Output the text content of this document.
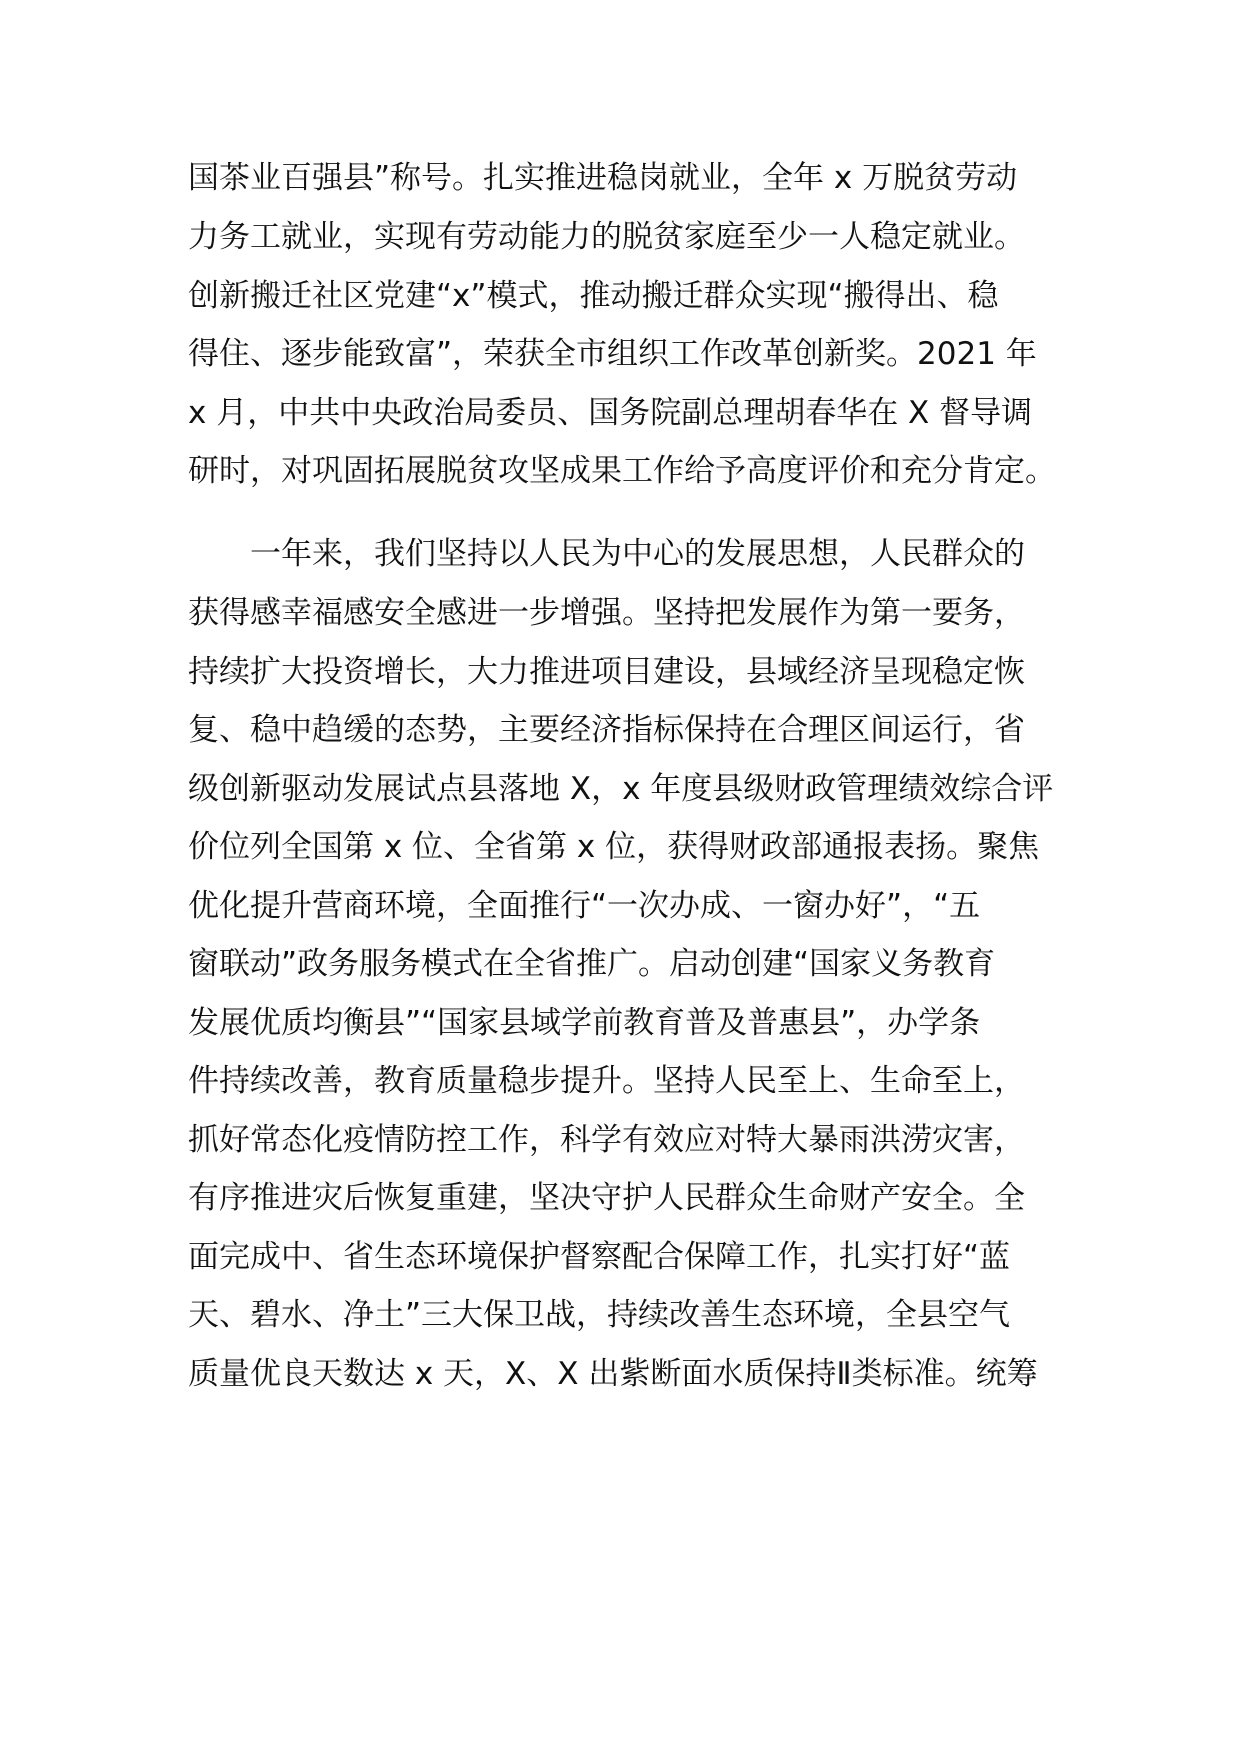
国茶业百强县”称号。扎实推进稳岗就业，全年 x 万脱贫劳动
力务工就业，实现有劳动能力的脱贫家庭至少一人稳定就业。
创新搬迁社区党建“x”模式，推动搬迁群众实现“搬得出、稳
得住、逐步能致富”，荣获全市组织工作改革创新奖。2021 年
x 月，中共中央政治局委员、国务院副总理胡春华在 X 督导调
研时，对巩固拓展脱贫攻坚成果工作给予高度评价和充分肯定。
一年来，我们坚持以人民为中心的发展思想，人民群众的
获得感幸福感安全感进一步增强。坚持把发展作为第一要务，
持续扩大投资增长，大力推进项目建设，县域经济呈现稳定恢
复、稳中趋缓的态势，主要经济指标保持在合理区间运行，省
级创新驱动发展试点县落地 X，x 年度县级财政管理绩效综合评
价位列全国第 x 位、全省第 x 位，获得财政部通报表扬。聚焦
优化提升营商环境，全面推行“一次办成、一窗办好”，“五
窗联动”政务服务模式在全省推广。启动创建“国家义务教育
发展优质均衡县”“国家县域学前教育普及普惠县”，办学条
件持续改善，教育质量稳步提升。坚持人民至上、生命至上，
抓好常态化疫情防控工作，科学有效应对特大暴雨洪涝灾害，
有序推进灾后恢复重建，坚决守护人民群众生命财产安全。全
面完成中、省生态环境保护督察配合保障工作，扎实打好“蓝
天、碧水、净土”三大保卫战，持续改善生态环境，全县空气
质量优良天数达 x 天，X、X 出紫断面水质保持Ⅱ类标准。统筹
